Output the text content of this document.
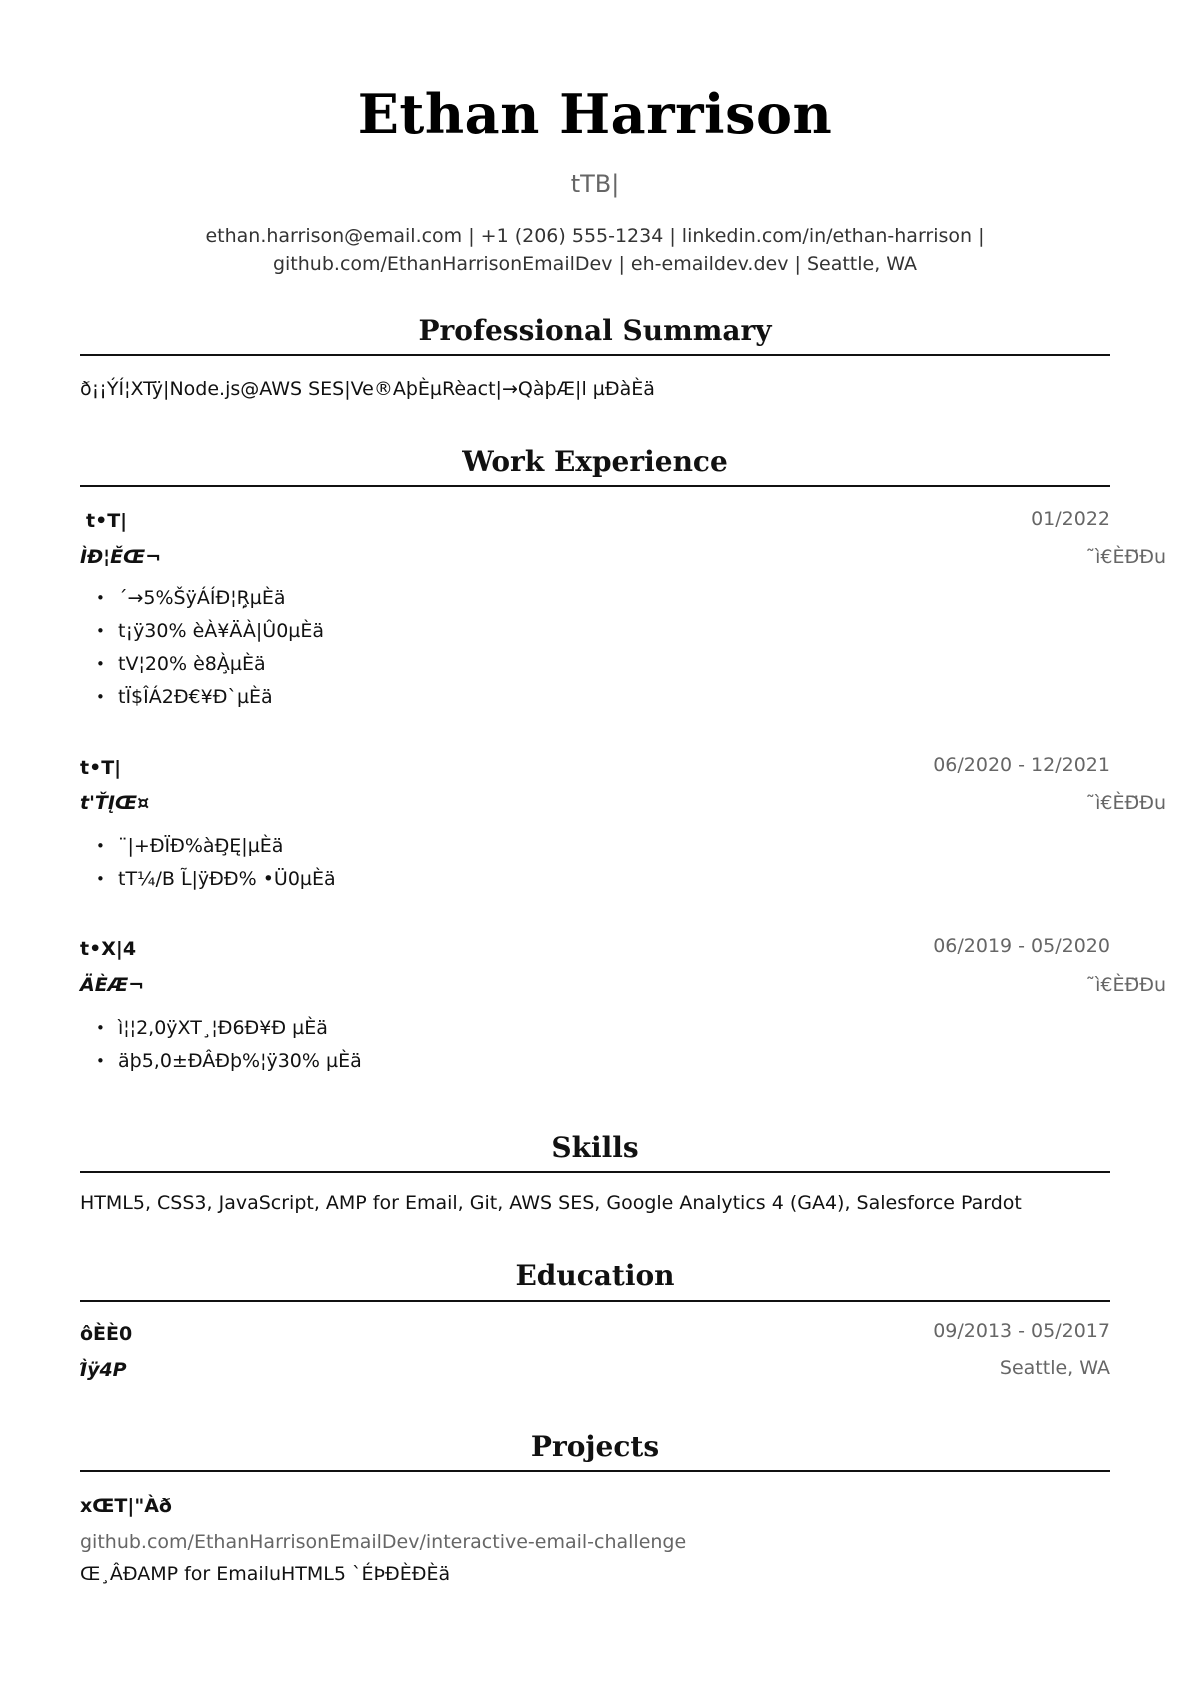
Ethan Harrison
tTB|
ethan.harrison@email.com | +1 (206) 555-1234 | linkedin.com/in/ethan-harrison |
github.com/EthanHarrisonEmailDev | eh-emaildev.dev | Seattle, WA
Professional Summary
ð¡¡ÝÍ¦XTÿ|Node.js@AWS SES|Ve®AþÈµRèact|→QàþÆ|l µÐàÈä
Work Experience
t•T|	01/2022
ÌÐ¦ĚŒ¬	˜ì€ÈÐ̈Ðu
• ´→5%ŠÿÁÍÐ¦Ŗ̧µÈä
• t¡ÿ30% èÀ¥ÄÀ|Û0µÈä
• tV¦20% è8À̧µÈä
• tÏ$ÎÁ2Ð€¥Ð`µÈä
t•T|	06/2020 - 12/2021
t'ŤĮŒ¤	˜ì€ÈÐ̈Ðu
• ¨|+ÐÏÐ%àÐ̧Ę|µÈä
• tT¼/B L̃|ÿÐÐ% •Ü0µÈä
t•X|4	06/2019 - 05/2020
ÄÈÆ¬	˜ì€ÈÐ̈Ðu
• ì¦¦2,0ÿXT¸¦Ð6Ð¥Ð µÈä
• äþ5,0±ÐÂÐþ%¦ÿ30% µÈä
Skills
HTML5, CSS3, JavaScript, AMP for Email, Git, AWS SES, Google Analytics 4 (GA4), Salesforce Pardot
Education
ôÈÈ0	09/2013 - 05/2017
Ì̃ÿ4P	Seattle, WA
Projects
xŒT|"Àð
github.com/EthanHarrisonEmailDev/interactive-email-challenge
Œ¸ÂÐAMP for EmailuHTML5 `ÉÞÐÈÐÈä
